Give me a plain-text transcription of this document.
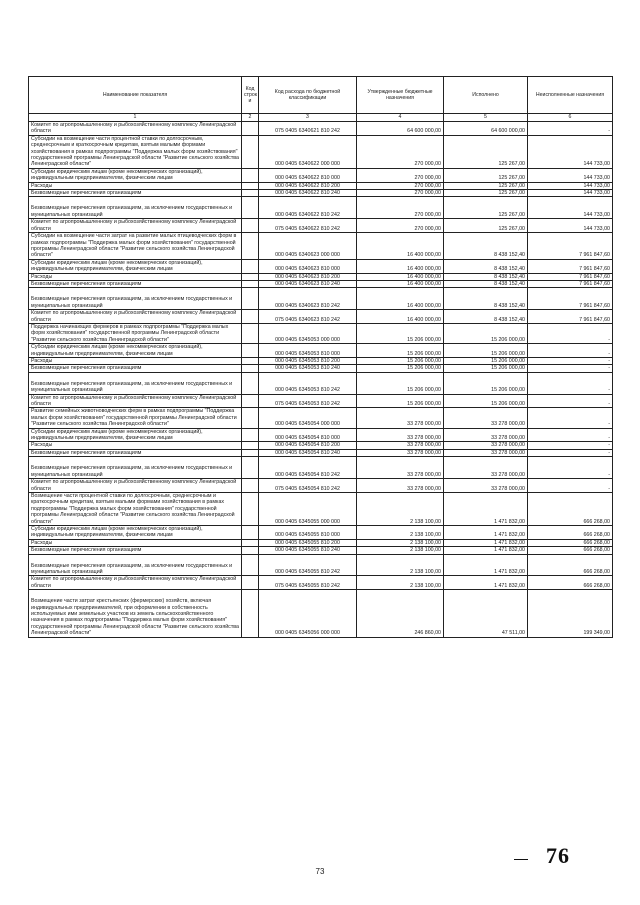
Наименование показателя	Код строк и	Код расхода по бюджетной классификации	Утвержденные бюджетные назначения	Исполнено	Неисполненные назначения
1	2	3	4	5	6
Комитет по агропромышленному и рыбохозяйственному комплексу Ленинградской области		075 0405 6340621 810 242	64 600 000,00	64 600 000,00	-
Субсидии на возмещение части процентной ставки по долгосрочным, среднесрочным и краткосрочным кредитам, взятым малыми формами хозяйствования в рамках подпрограммы "Поддержка малых форм хозяйствования" государственной программы Ленинградской области "Развитие сельского хозяйства Ленинградской области"		000 0405 6340622 000 000	270 000,00	125 267,00	144 733,00
Субсидии юридическим лицам (кроме некоммерческих организаций), индивидуальным предпринимателям, физическим лицам		000 0405 6340622 810 000	270 000,00	125 267,00	144 733,00
Расходы		000 0405 6340622 810 200	270 000,00	125 267,00	144 733,00
Безвозмездные перечисления организациям		000 0405 6340622 810 240	270 000,00	125 267,00	144 733,00
Безвозмездные перечисления организациям, за исключением государственных и муниципальных организаций		000 0405 6340622 810 242	270 000,00	125 267,00	144 733,00
Комитет по агропромышленному и рыбохозяйственному комплексу Ленинградской области		075 0405 6340622 810 242	270 000,00	125 267,00	144 733,00
Субсидии на возмещение части затрат на развитие малых птицеводческих форм в рамках подпрограммы "Поддержка малых форм хозяйствования" государственной программы Ленинградской области "Развитие сельского хозяйства Ленинградской области"		000 0405 6340623 000 000	16 400 000,00	8 438 152,40	7 961 847,60
Субсидии юридическим лицам (кроме некоммерческих организаций), индивидуальным предпринимателям, физическим лицам		000 0405 6340623 810 000	16 400 000,00	8 438 152,40	7 961 847,60
Расходы		000 0405 6340623 810 200	16 400 000,00	8 438 152,40	7 961 847,60
Безвозмездные перечисления организациям		000 0405 6340623 810 240	16 400 000,00	8 438 152,40	7 961 847,60
Безвозмездные перечисления организациям, за исключением государственных и муниципальных организаций		000 0405 6340623 810 242	16 400 000,00	8 438 152,40	7 961 847,60
Комитет по агропромышленному и рыбохозяйственному комплексу Ленинградской области		075 0405 6340623 810 242	16 400 000,00	8 438 152,40	7 961 847,60
Поддержка начинающих фермеров в рамках подпрограммы "Поддержка малых форм хозяйствования" государственной программы Ленинградской области "Развитие сельского хозяйства Ленинградской области"		000 0405 6345053 000 000	15 206 000,00	15 206 000,00	-
Субсидии юридическим лицам (кроме некоммерческих организаций), индивидуальным предпринимателям, физическим лицам		000 0405 6345053 810 000	15 206 000,00	15 206 000,00	-
Расходы		000 0405 6345053 810 200	15 206 000,00	15 206 000,00	-
Безвозмездные перечисления организациям		000 0405 6345053 810 240	15 206 000,00	15 206 000,00	-
Безвозмездные перечисления организациям, за исключением государственных и муниципальных организаций		000 0405 6345053 810 242	15 206 000,00	15 206 000,00	-
Комитет по агропромышленному и рыбохозяйственному комплексу Ленинградской области		075 0405 6345053 810 242	15 206 000,00	15 206 000,00	-
Развитие семейных животноводческих ферм в рамках подпрограммы "Поддержка малых форм хозяйствования" государственной программы Ленинградской области "Развитие сельского хозяйства Ленинградской области"		000 0405 6345054 000 000	33 278 000,00	33 278 000,00	-
Субсидии юридическим лицам (кроме некоммерческих организаций), индивидуальным предпринимателям, физическим лицам		000 0405 6345054 810 000	33 278 000,00	33 278 000,00	-
Расходы		000 0405 6345054 810 200	33 278 000,00	33 278 000,00	-
Безвозмездные перечисления организациям		000 0405 6345054 810 240	33 278 000,00	33 278 000,00	-
Безвозмездные перечисления организациям, за исключением государственных и муниципальных организаций		000 0405 6345054 810 242	33 278 000,00	33 278 000,00	-
Комитет по агропромышленному и рыбохозяйственному комплексу Ленинградской области		075 0405 6345054 810 242	33 278 000,00	33 278 000,00	-
Возмещение части процентной ставки по долгосрочным, среднесрочным и краткосрочным кредитам, взятым малыми формами хозяйствования в рамках подпрограммы "Поддержка малых форм хозяйствования" государственной программы Ленинградской области "Развитие сельского хозяйства Ленинградской области"		000 0405 6345055 000 000	2 138 100,00	1 471 832,00	666 268,00
Субсидии юридическим лицам (кроме некоммерческих организаций), индивидуальным предпринимателям, физическим лицам		000 0405 6345055 810 000	2 138 100,00	1 471 832,00	666 268,00
Расходы		000 0405 6345055 810 200	2 138 100,00	1 471 832,00	666 268,00
Безвозмездные перечисления организациям		000 0405 6345055 810 240	2 138 100,00	1 471 832,00	666 268,00
Безвозмездные перечисления организациям, за исключением государственных и муниципальных организаций		000 0405 6345055 810 242	2 138 100,00	1 471 832,00	666 268,00
Комитет по агропромышленному и рыбохозяйственному комплексу Ленинградской области		075 0405 6345055 810 242	2 138 100,00	1 471 832,00	666 268,00
Возмещение части затрат крестьянских (фермерских) хозяйств, включая индивидуальных предпринимателей, при оформлении в собственность используемых ими земельных участков из земель сельскохозяйственного назначения в рамках подпрограммы "Поддержка малых форм хозяйствования" государственной программы Ленинградской области "Развитие сельского хозяйства Ленинградской области"		000 0405 6345056 000 000	246 860,00	47 511,00	199 349,00
73
76
